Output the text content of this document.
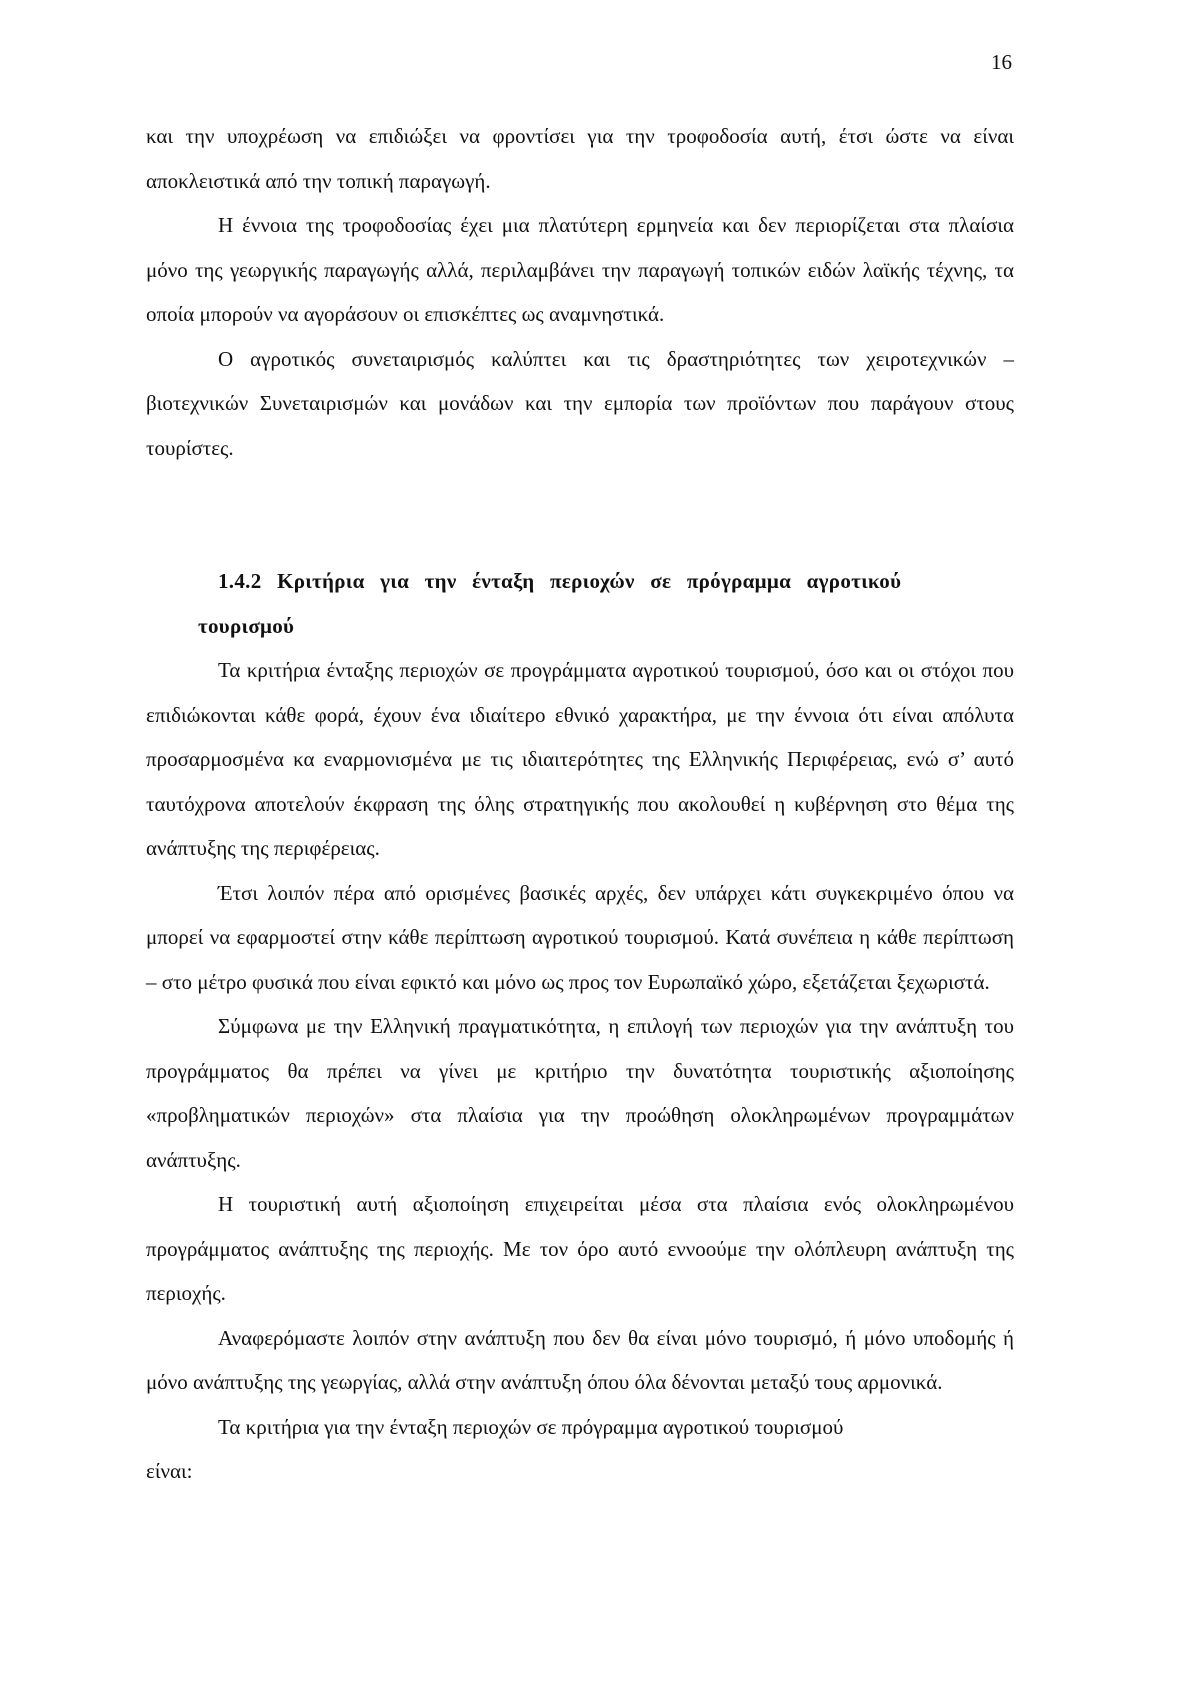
16

και την υποχρέωση να επιδιώξει να φροντίσει για την τροφοδοσία αυτή, έτσι ώστε να είναι αποκλειστικά από την τοπική παραγωγή.

Η έννοια της τροφοδοσίας έχει μια πλατύτερη ερμηνεία και δεν περιορίζεται στα πλαίσια μόνο της γεωργικής παραγωγής αλλά, περιλαμβάνει την παραγωγή τοπικών ειδών λαϊκής τέχνης, τα οποία μπορούν να αγοράσουν οι επισκέπτες ως αναμνηστικά.

Ο αγροτικός συνεταιρισμός καλύπτει και τις δραστηριότητες των χειροτεχνικών – βιοτεχνικών Συνεταιρισμών και μονάδων και την εμπορία των προϊόντων που παράγουν στους τουρίστες.

1.4.2 Κριτήρια για την ένταξη περιοχών σε πρόγραμμα αγροτικού

τουρισμού

Τα κριτήρια ένταξης περιοχών σε προγράμματα αγροτικού τουρισμού, όσο και οι στόχοι που επιδιώκονται κάθε φορά, έχουν ένα ιδιαίτερο εθνικό χαρακτήρα, με την έννοια ότι είναι απόλυτα προσαρμοσμένα κα εναρμονισμένα με τις ιδιαιτερότητες της Ελληνικής Περιφέρειας, ενώ σ’ αυτό ταυτόχρονα αποτελούν έκφραση της όλης στρατηγικής που ακολουθεί η κυβέρνηση στο θέμα της ανάπτυξης της περιφέρειας.

Έτσι λοιπόν πέρα από ορισμένες βασικές αρχές, δεν υπάρχει κάτι συγκεκριμένο όπου να μπορεί να εφαρμοστεί στην κάθε περίπτωση αγροτικού τουρισμού. Κατά συνέπεια η κάθε περίπτωση – στο μέτρο φυσικά που είναι εφικτό και μόνο ως προς τον Ευρωπαϊκό χώρο, εξετάζεται ξεχωριστά.

Σύμφωνα με την Ελληνική πραγματικότητα, η επιλογή των περιοχών για την ανάπτυξη του προγράμματος θα πρέπει να γίνει με κριτήριο την δυνατότητα τουριστικής αξιοποίησης «προβληματικών περιοχών» στα πλαίσια για την προώθηση ολοκληρωμένων προγραμμάτων ανάπτυξης.

Η τουριστική αυτή αξιοποίηση επιχειρείται μέσα στα πλαίσια ενός ολοκληρωμένου προγράμματος ανάπτυξης της περιοχής. Με τον όρο αυτό εννοούμε την ολόπλευρη ανάπτυξη της περιοχής.

Αναφερόμαστε λοιπόν στην ανάπτυξη που δεν θα είναι μόνο τουρισμό, ή μόνο υποδομής ή μόνο ανάπτυξης της γεωργίας, αλλά στην ανάπτυξη όπου όλα δένονται μεταξύ τους αρμονικά.

Τα κριτήρια για την ένταξη περιοχών σε πρόγραμμα αγροτικού τουρισμού

είναι:
